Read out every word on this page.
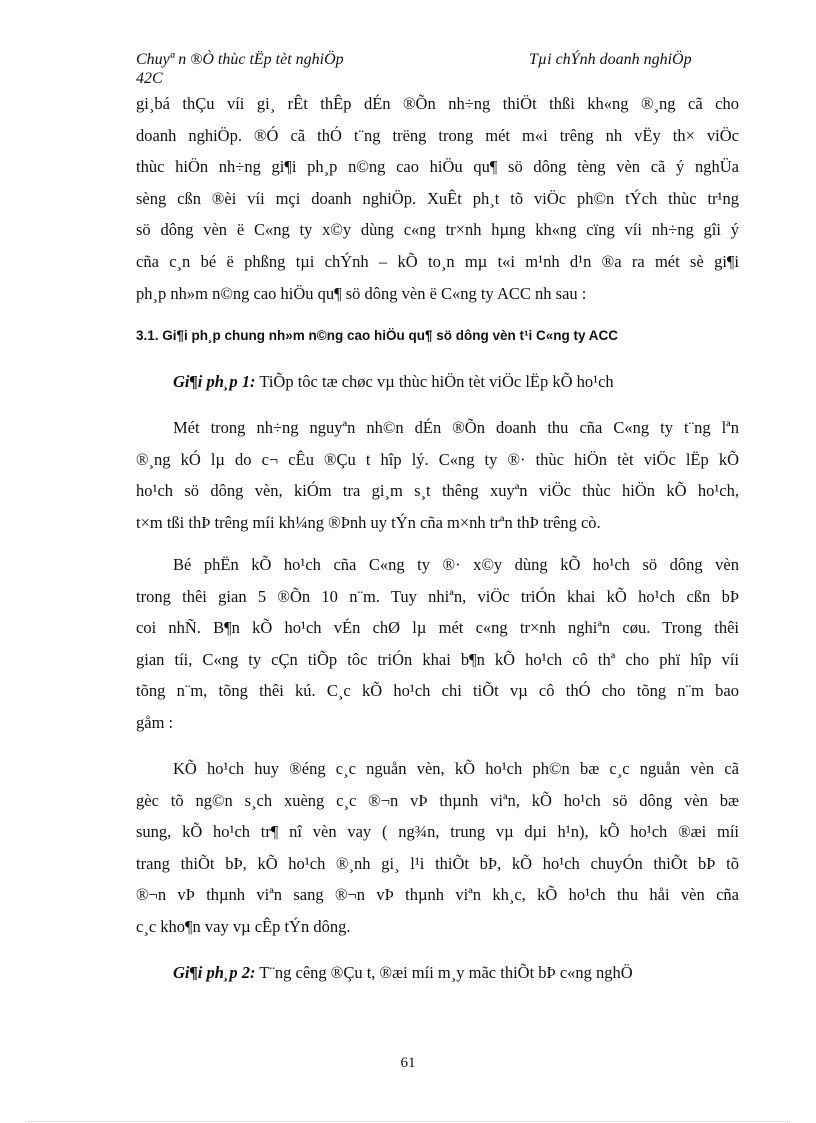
Chuyª n ®Ò thùc tËp tèt nghiÖp	Tµi chÝnh doanh nghiÖp
42C
gi¸bá thÇu víi gi¸ rÊt thÊp dÉn ®Õn nh÷ng thiÖt thßi kh«ng ®¸ng cã cho
doanh nghiÖp. ®Ó cã thÓ t¨ng trëng trong mét m«i trêng nh vËy th× viÖc
thùc hiÖn nh÷ng gi¶i ph¸p n©ng cao hiÖu qu¶ sö dông tèng vèn cã ý nghÜa
sèng cßn ®èi víi mçi doanh nghiÖp. XuÊt ph¸t tõ viÖc ph©n tÝch thùc tr¹ng
sö dông vèn ë C«ng ty x©y dùng c«ng tr×nh hµng kh«ng cïng víi nh÷ng gîi ý
cña c¸n bé ë phßng tµi chÝnh – kÕ to¸n mµ t«i m¹nh d¹n ®a ra mét sè gi¶i
ph¸p nh»m n©ng cao hiÖu qu¶ sö dông vèn ë C«ng ty ACC nh sau :

3.1. Gi¶i ph¸p chung nh»m n©ng cao hiÖu qu¶ sö dông vèn t¹i C«ng ty ACC

Gi¶i ph¸p 1: TiÕp tôc tæ chøc vµ thùc hiÖn tèt viÖc lËp kÕ ho¹ch

Mét trong nh÷ng nguyªn nh©n dÉn ®Õn doanh thu cña C«ng ty t¨ng lªn
®¸ng kÓ lµ do c¬ cÊu ®Çu t hîp lý. C«ng ty ®· thùc hiÖn tèt viÖc lËp kÕ
ho¹ch sö dông vèn, kiÓm tra gi¸m s¸t thêng xuyªn viÖc thùc hiÖn kÕ ho¹ch,
t×m tßi thÞ trêng míi kh¼ng ®Þnh uy tÝn cña m×nh trªn thÞ trêng cò.
Bé phËn kÕ ho¹ch cña C«ng ty ®· x©y dùng kÕ ho¹ch sö dông vèn
trong thêi gian 5 ®Õn 10 n¨m. Tuy nhiªn, viÖc triÓn khai kÕ ho¹ch cßn bÞ
coi nhÑ. B¶n kÕ ho¹ch vÉn chØ lµ mét c«ng tr×nh nghiªn cøu. Trong thêi
gian tíi, C«ng ty cÇn tiÕp tôc triÓn khai b¶n kÕ ho¹ch cô thª cho phï hîp víi
tõng n¨m, tõng thêi kú. C¸c kÕ ho¹ch chi tiÕt vµ cô thÓ cho tõng n¨m bao
gåm :
KÕ ho¹ch huy ®éng c¸c nguån vèn, kÕ ho¹ch ph©n bæ c¸c nguån vèn cã
gèc tõ ng©n s¸ch xuèng c¸c ®¬n vÞ thµnh viªn, kÕ ho¹ch sö dông vèn bæ
sung, kÕ ho¹ch tr¶ nî vèn vay ( ng¾n, trung vµ dµi h¹n), kÕ ho¹ch ®æi míi
trang thiÕt bÞ, kÕ ho¹ch ®¸nh gi¸ l¹i thiÕt bÞ, kÕ ho¹ch chuyÓn thiÕt bÞ tõ
®¬n vÞ thµnh viªn sang ®¬n vÞ thµnh viªn kh¸c, kÕ ho¹ch thu håi vèn cña
c¸c kho¶n vay vµ cÊp tÝn dông.

Gi¶i ph¸p 2: T¨ng cêng ®Çu t, ®æi míi m¸y mãc thiÕt bÞ c«ng nghÖ

61
